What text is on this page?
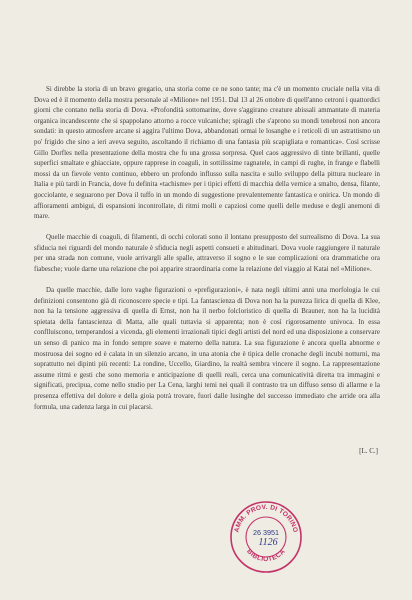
Si direbbe la storia di un bravo gregario, una storia come ce ne sono tante; ma c'è un momento cruciale nella vita di Dova ed è il momento della mostra personale al «Milione» nel 1951. Dal 13 al 26 ottobre di quell'anno cetroni i quattordici giorni che contano nella storia di Dova. «Profondità sottomarine, dove s'aggirano creature abissali ammantate di materia organica incandescente che si spappolano attorno a rocce vulcaniche; spiragli che s'aprono su mondi tenebrosi non ancora sondati: in questo atmosfere arcane si aggira l'ultimo Dova, abbandonati ormai le losanghe e i reticoli di un astrattismo un po' frigido che sino a ieri aveva seguito, ascoltando il richiamo di una fantasia più scapigliata e romantica». Così scrisse Gillo Dorfles nella presentazione della mostra che fu una grossa sorpresa. Quel caos aggressivo di tinte brillanti, quelle superfici smaltate e ghiacciate, oppure rapprese in coaguli, in sottilissime ragnatele, in campi di rughe, in frange e flabelli mossi da un fievole vento continuo, ebbero un profondo influsso sulla nascita e sullo sviluppo della pittura nucleare in Italia e più tardi in Francia, dove fu definita «tachisme» per i tipici effetti di macchia della vernice a smalto, densa, filante, gocciolante, e seguarono per Dova il tuffo in un mondo di suggestione prevalentemente fantastica e onirica. Un mondo di affioramenti ambigui, di espansioni incontrollate, di ritmi molli e capziosi come quelli delle meduse e degli anemoni di mare.

Quelle macchie di coaguli, di filamenti, di occhi colorati sono il lontano presupposto del surrealismo di Dova. La sua sfiducia nei riguardi del mondo naturale è sfiducia negli aspetti consueti e abitudinari. Dova vuole raggiungere il naturale per una strada non comune, vuole arrivargli alle spalle, attraverso il sogno e le sue complicazioni ora drammatiche ora fiabesche; vuole darne una relazione che poi apparire straordinaria come la relazione del viaggio al Katai nel «Milione».

Da quelle macchie, dalle loro vaghe figurazioni o «prefigurazioni», è nata negli ultimi anni una morfologia le cui definizioni consentono già di riconoscere specie e tipi. La fantascienza di Dova non ha la purezza lirica di quella di Klee, non ha la tensione aggressiva di quella di Ernst, non ha il nerbo folcloristico di quella di Brauner, non ha la lucidità spietata della fantascienza di Matta, alle quali tuttavia si apparenta; non è così rigorosamente univoca. In essa conflluiscono, temperandosi a vicenda, gli elementi irrazionali tipici degli artisti del nord ed una disposizione a conservare un senso di panico ma in fondo sempre soave e materno della natura. La sua figurazione è ancora quella abnorme e mostruosa dei sogno ed è calata in un silenzio arcano, in una atonia che è tipica delle cronache degli incubi notturni, ma soprattutto nei dipinti più recenti: La rondine, Uccello, Giardino, la realtà sembra vincere il sogno. La rappresentazione assume ritmi e gesti che sono memoria e anticipazione di quelli reali, cerca una comunicatività diretta tra immagini e significati, precipua, come nello studio per La Cena, larghi temi nei quali il contrasto tra un diffuso senso di allarme e la presenza effettiva del dolore e della gioia potrà trovare, fuori dalle lusinghe del successo immediato che arride ora alla formula, una cadenza larga in cui placarsi.

[L. C.]
AMM. PROV. DI TORINO
BIBLIOTECA
26 3951
1126
